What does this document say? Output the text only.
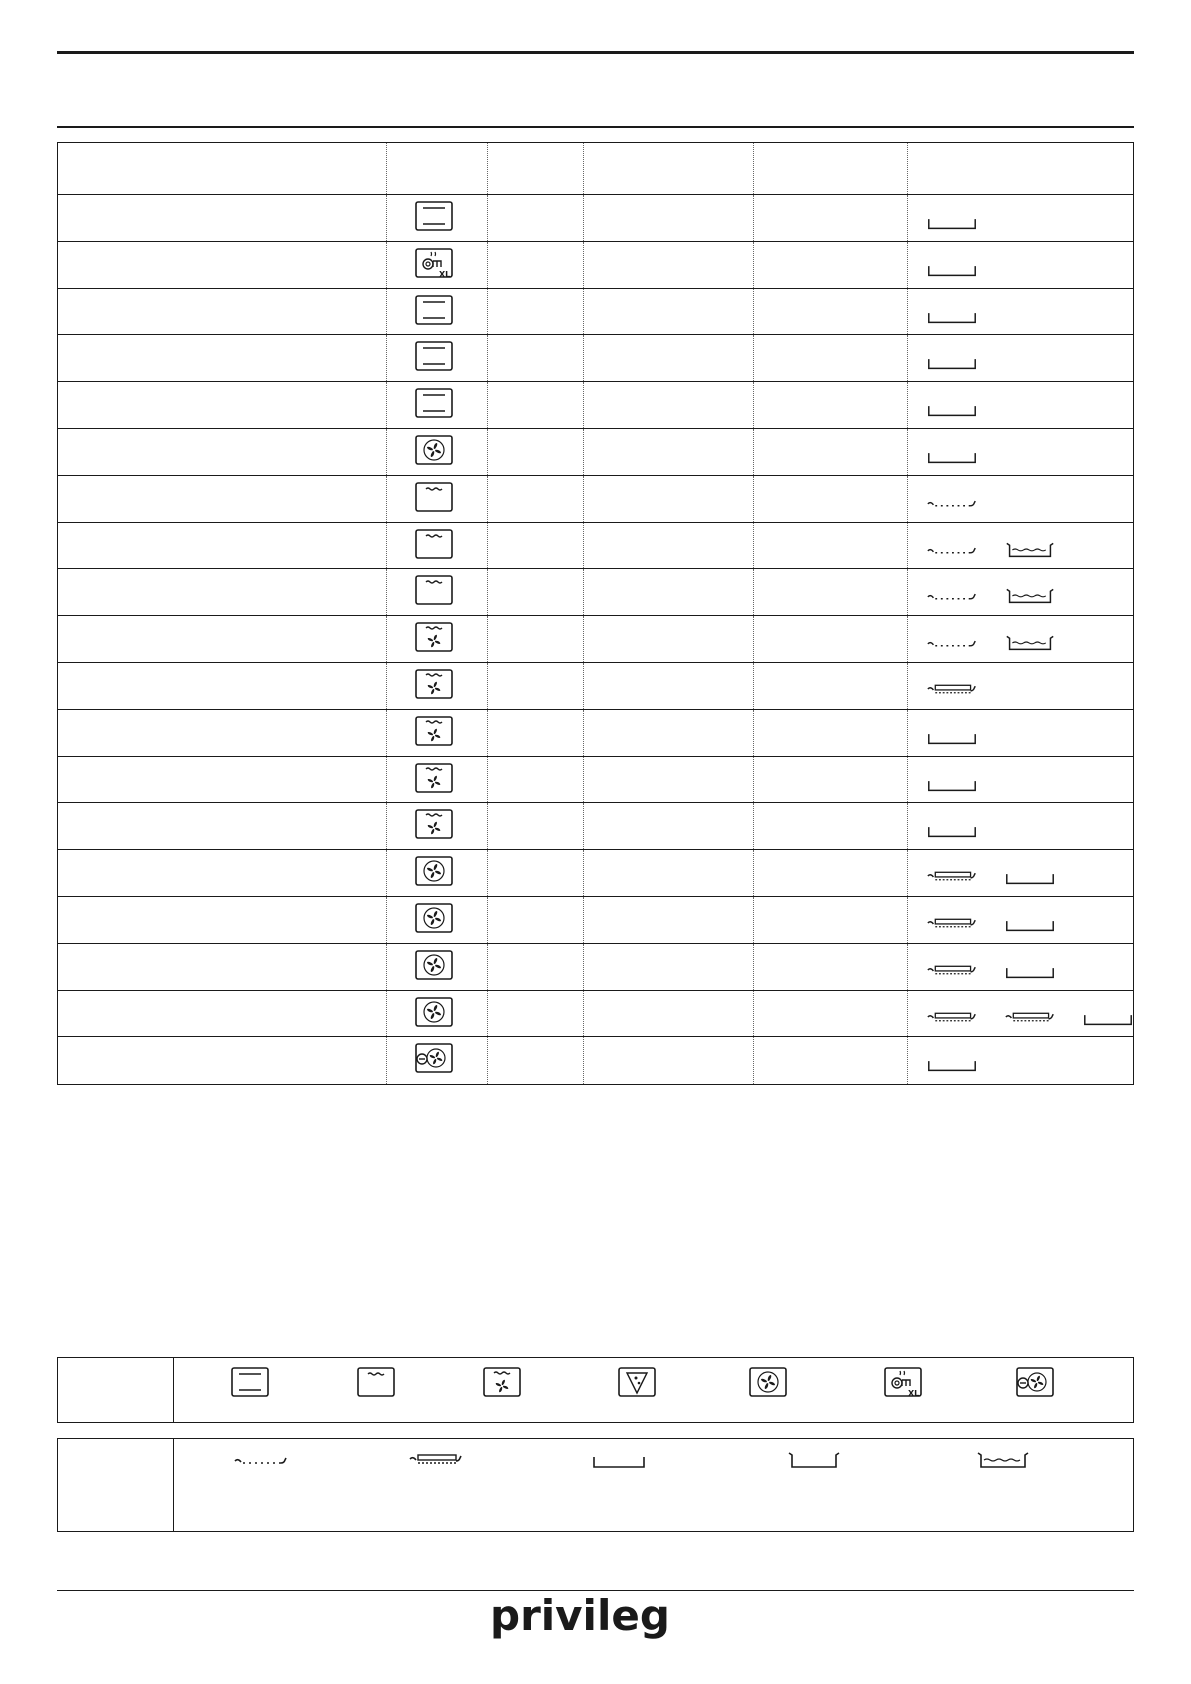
privileg
